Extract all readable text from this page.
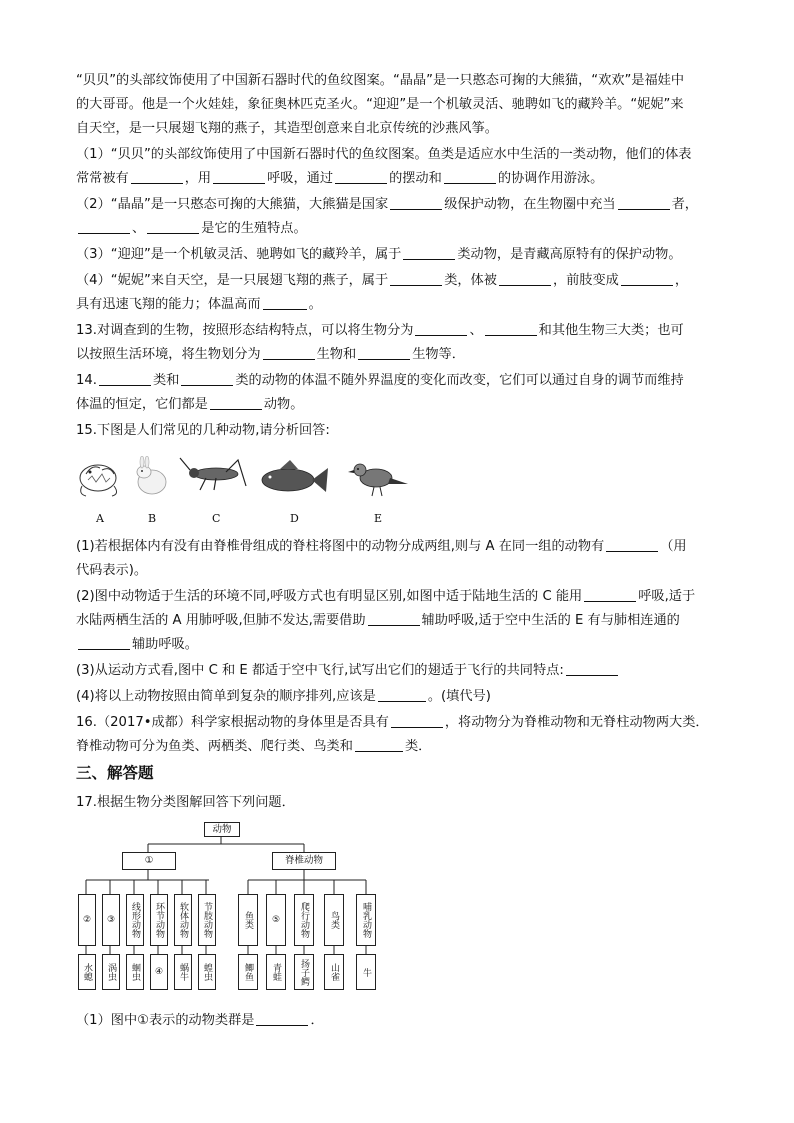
“贝贝”的头部纹饰使用了中国新石器时代的鱼纹图案。“晶晶”是一只憨态可掬的大熊猫，“欢欢”是福娃中
的大哥哥。他是一个火娃娃，象征奥林匹克圣火。“迎迎”是一个机敏灵活、驰聘如飞的藏羚羊。“妮妮”来
自天空，是一只展翅飞翔的燕子，其造型创意来自北京传统的沙燕风筝。
（1）“贝贝”的头部纹饰使用了中国新石器时代的鱼纹图案。鱼类是适应水中生活的一类动物，他们的体表
常常被有	，用	呼吸，通过	的摆动和	的协调作用游泳。
（2）“晶晶”是一只憨态可掬的大熊猫，大熊猫是国家	级保护动物，在生物圈中充当	者，
、	是它的生殖特点。
（3）“迎迎”是一个机敏灵活、驰聘如飞的藏羚羊，属于	类动物，是青藏高原特有的保护动物。
（4）“妮妮”来自天空，是一只展翅飞翔的燕子，属于	类，体被	，前肢变成	，
具有迅速飞翔的能力；体温高而	。
13.对调查到的生物，按照形态结构特点，可以将生物分为	、	和其他生物三大类；也可
以按照生活环境，将生物划分为	生物和	生物等．
14.	类和	类的动物的体温不随外界温度的变化而改变，它们可以通过自身的调节而维持
体温的恒定，它们都是	动物。
15.下图是人们常见的几种动物,请分析回答:
A	B	C	D	E
(1)若根据体内有没有由脊椎骨组成的脊柱将图中的动物分成两组,则与 A 在同一组的动物有	（用
代码表示)。
(2)图中动物适于生活的环境不同,呼吸方式也有明显区别,如图中适于陆地生活的 C 能用	呼吸,适于
水陆两栖生活的 A 用肺呼吸,但肺不发达,需要借助	辅助呼吸,适于空中生活的 E 有与肺相连通的
辅助呼吸。
(3)从运动方式看,图中 C 和 E 都适于空中飞行,试写出它们的翅适于飞行的共同特点:
(4)将以上动物按照由简单到复杂的顺序排列,应该是	。(填代号)
16.（2017•成都）科学家根据动物的身体里是否具有	，将动物分为脊椎动物和无脊柱动物两大类．
脊椎动物可分为鱼类、两栖类、爬行类、鸟类和	类．
三、解答题
17.根据生物分类图解回答下列问题．
动物
①	脊椎动物
②	③	线形动物	环节动物	软体动物	节肢动物	鱼类	⑤	爬行动物	鸟类	哺乳动物
水螅	涡虫	蛔虫	④	蜗牛	蝗虫	鲫鱼	青蛙	扬子鳄	山雀	牛
（1）图中①表示的动物类群是	．
